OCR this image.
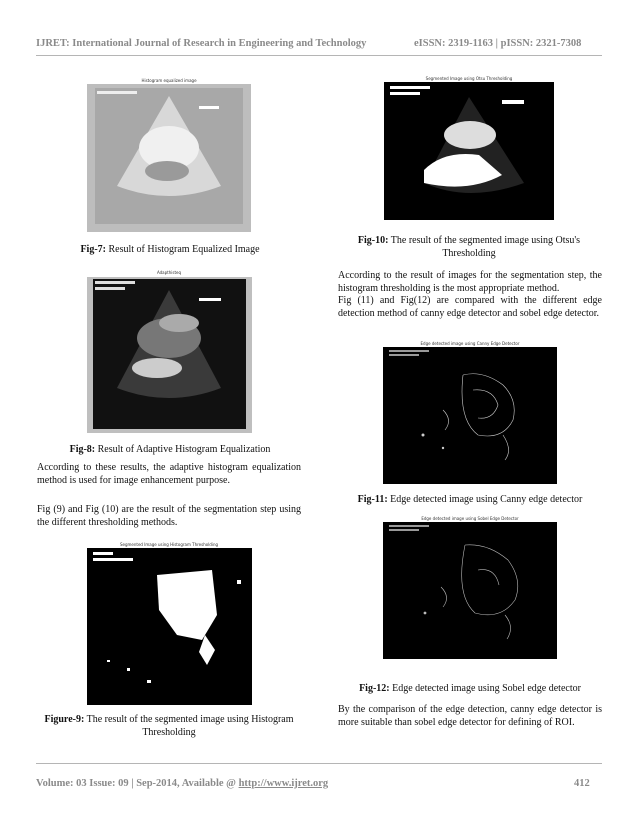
IJRET: International Journal of Research in Engineering and Technology	eISSN: 2319-1163 | pISSN: 2321-7308
Histogram equalized image
Fig-7: Result of Histogram Equalized Image
Adapthisteq
Fig-8: Result of Adaptive Histogram Equalization

According to these results, the adaptive histogram equalization method is used for image enhancement purpose.

Fig (9) and Fig (10) are the result of the segmentation step using the different thresholding methods.

Segmented Image using Histogram Thresholding
Figure-9: The result of the segmented image using Histogram Thresholding
Segmented Image using Otsu Thresholding
Fig-10: The result of the segmented image using Otsu's Thresholding

According to the result of images for the segmentation step, the histogram thresholding is the most appropriate method.

Fig (11) and Fig(12) are compared with the different edge detection method of canny edge detector and sobel edge detector.

Edge detected image using Canny Edge Detector
Fig-11: Edge detected image using Canny edge detector
Edge detected image using Sobel Edge Detector
Fig-12: Edge detected image using Sobel edge detector

By the comparison of the edge detection, canny edge detector is more suitable than sobel edge detector for defining of ROI.

Volume: 03 Issue: 09 | Sep-2014, Available @ http://www.ijret.org	412
